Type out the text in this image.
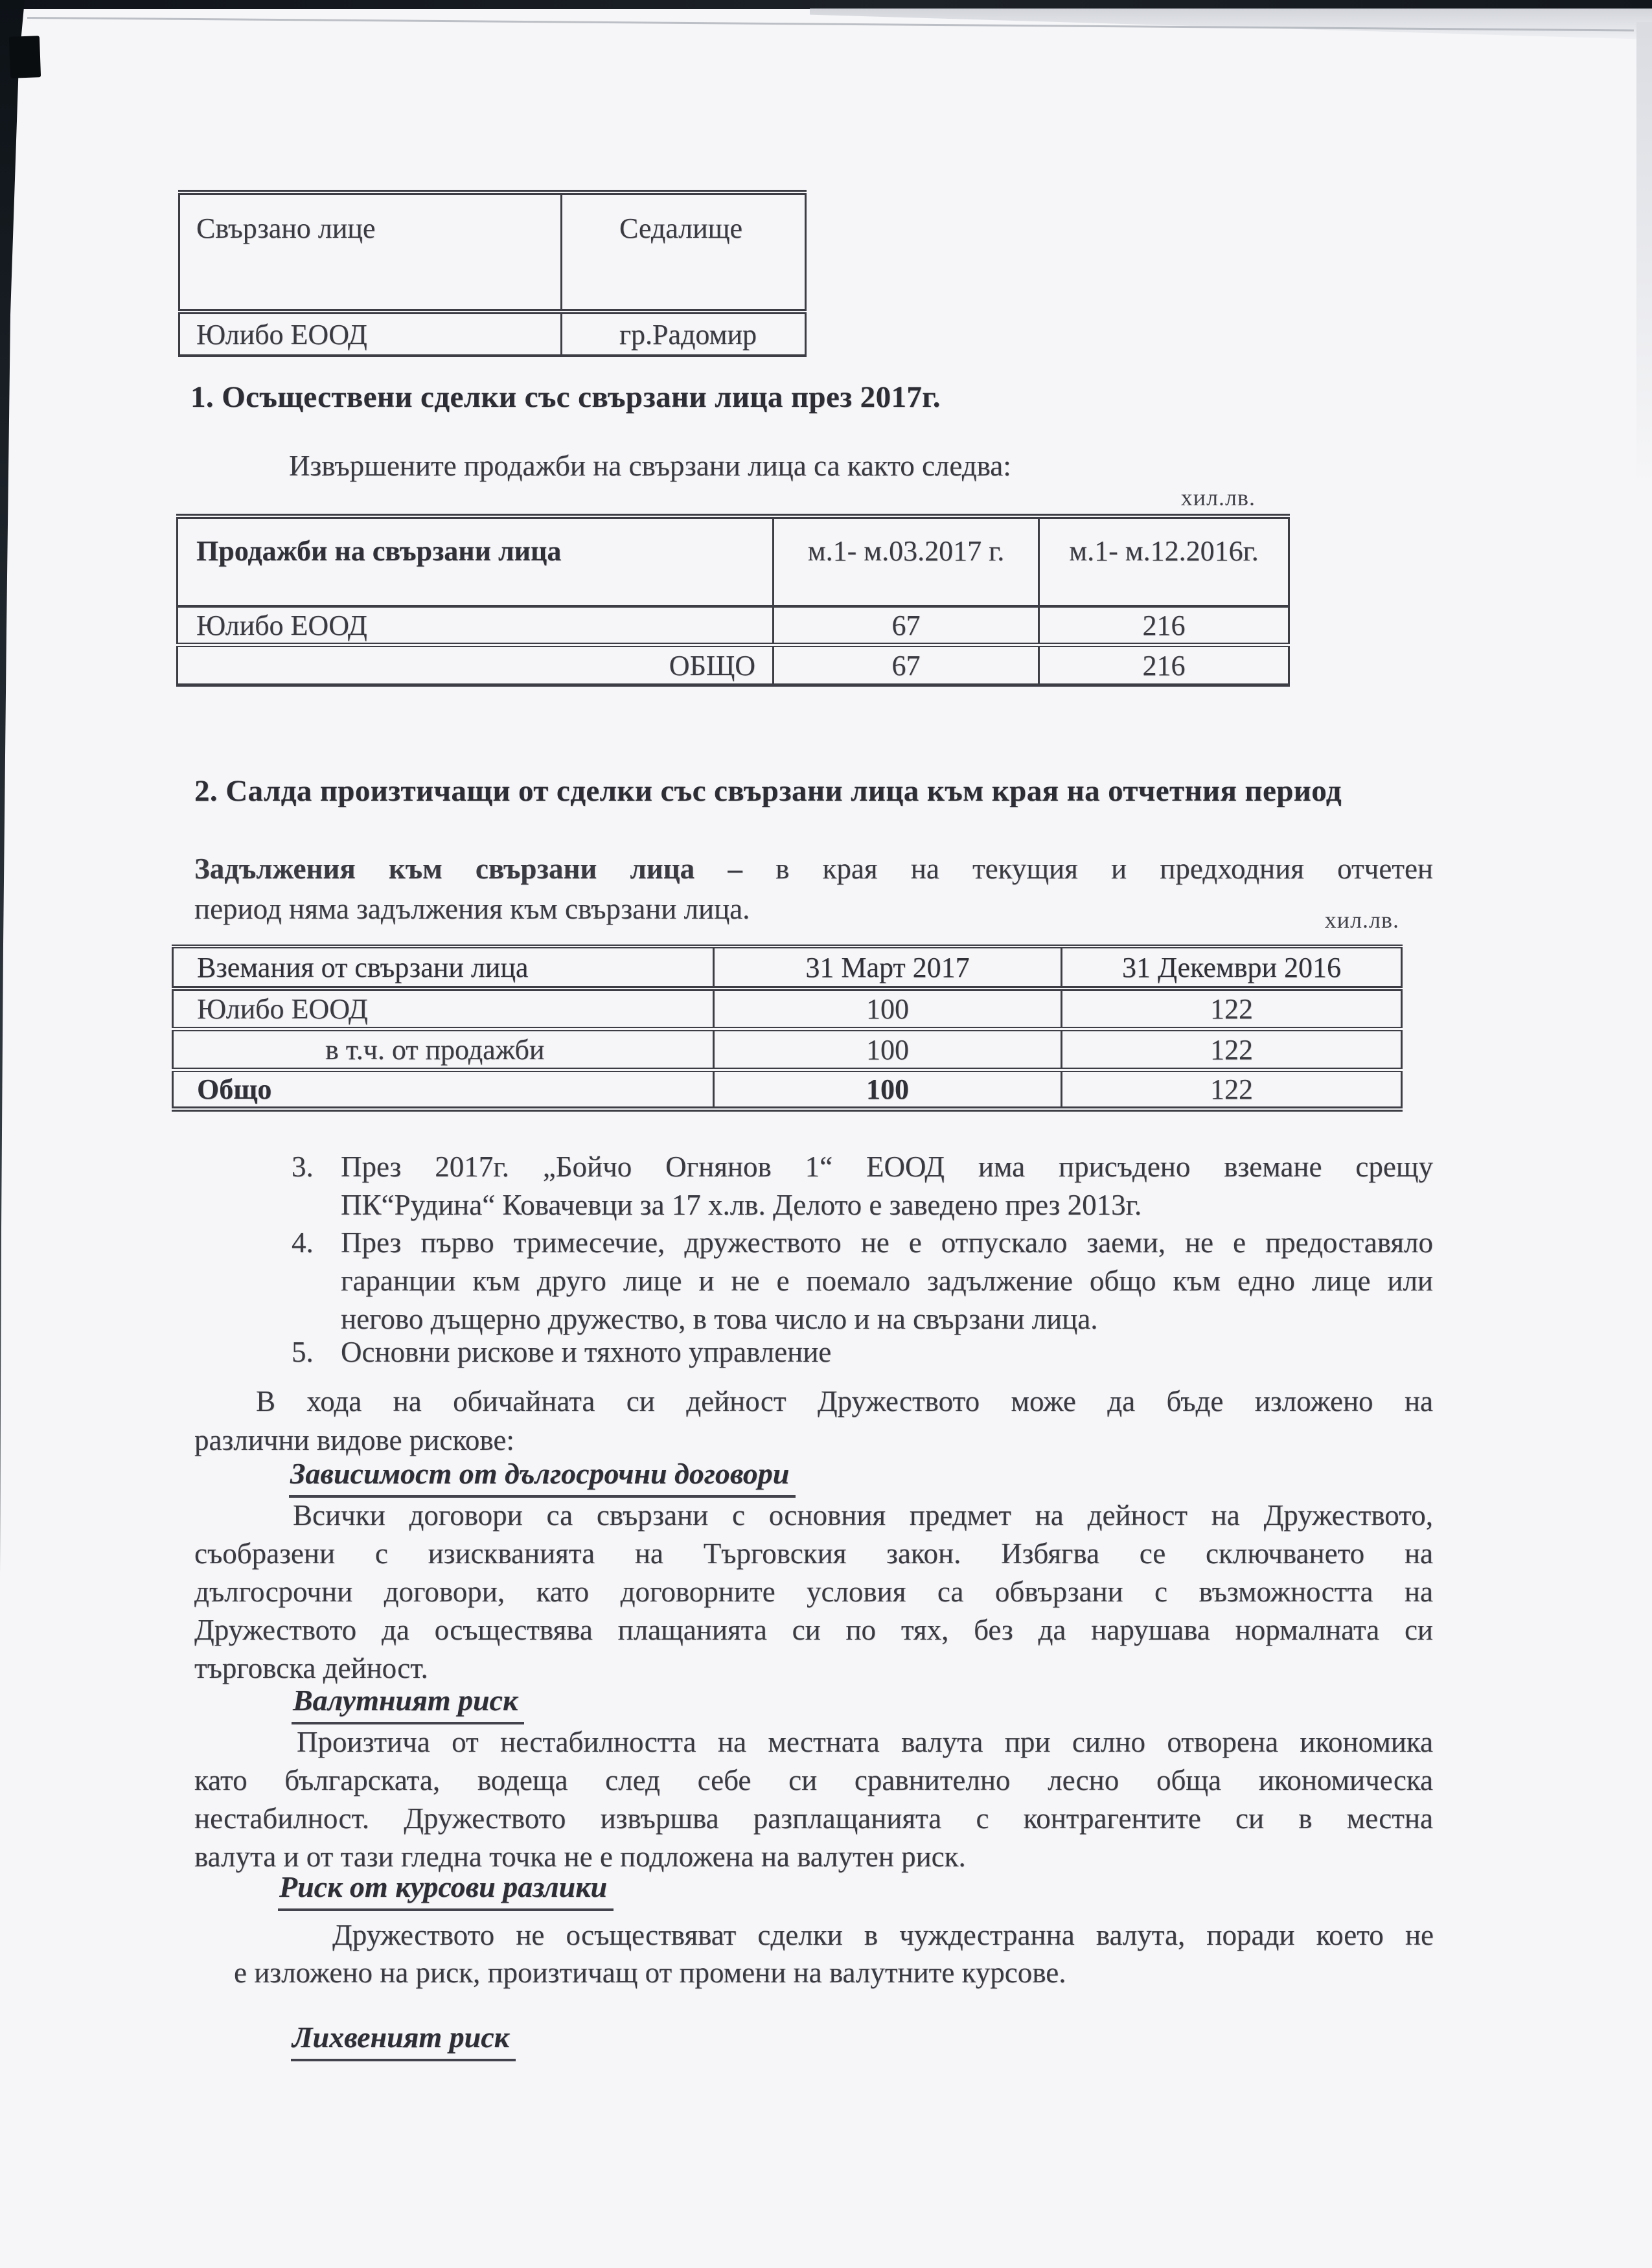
Свързано лице	Седалище
Юлибо ЕООД	гр.Радомир
1. Осъществени сделки със свързани лица през 2017г.
Извършените продажби на свързани лица са както следва:
хил.лв.
Продажби на свързани лица	м.1- м.03.2017 г.	м.1- м.12.2016г.
Юлибо ЕООД	67	216
ОБЩО	67	216
2. Салда произтичащи от сделки със свързани лица към края на отчетния период
Задължения към свързани лица – в края на текущия и предходния отчетен
период няма задължения към свързани лица.	хил.лв.
Вземания от свързани лица	31 Март 2017	31 Декември 2016
Юлибо ЕООД	100	122
в т.ч. от продажби	100	122
Общо	100	122
3. През 2017г. „Бойчо Огнянов 1“ ЕООД има присъдено вземане срещу
ПК“Рудина“ Ковачевци за 17 х.лв. Делото е заведено през 2013г.
4. През първо тримесечие, дружеството не е отпускало заеми, не е предоставяло
гаранции към друго лице и не е поемало задължение общо към едно лице или
негово дъщерно дружество, в това число и на свързани лица.
5. Основни рискове и тяхното управление
В хода на обичайната си дейност Дружеството може да бъде изложено на
различни видове рискове:
Зависимост от дългосрочни договори
Всички договори са свързани с основния предмет на дейност на Дружеството,
съобразени с изискванията на Търговския закон. Избягва се сключването на
дългосрочни договори, като договорните условия са обвързани с възможността на
Дружеството да осъществява плащанията си по тях, без да нарушава нормалната си
търговска дейност.
Валутният риск
Произтича от нестабилността на местната валута при силно отворена икономика
като българската, водеща след себе си сравнително лесно обща икономическа
нестабилност. Дружеството извършва разплащанията с контрагентите си в местна
валута и от тази гледна точка не е подложена на валутен риск.
Риск от курсови разлики
Дружеството не осъществяват сделки в чуждестранна валута, поради което не
е изложено на риск, произтичащ от промени на валутните курсове.
Лихвеният риск
